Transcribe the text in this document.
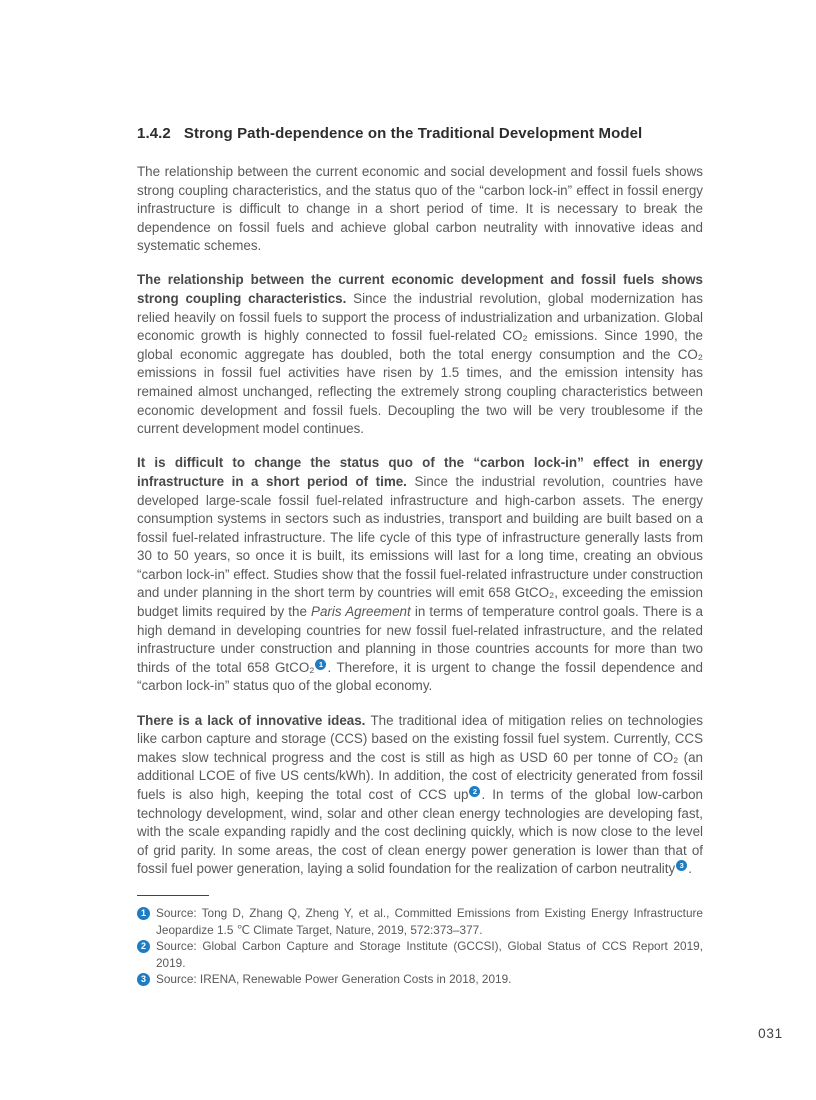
1.4.2 Strong Path-dependence on the Traditional Development Model

The relationship between the current economic and social development and fossil fuels shows strong coupling characteristics, and the status quo of the “carbon lock-in” effect in fossil energy infrastructure is difficult to change in a short period of time. It is necessary to break the dependence on fossil fuels and achieve global carbon neutrality with innovative ideas and systematic schemes.

The relationship between the current economic development and fossil fuels shows strong coupling characteristics. Since the industrial revolution, global modernization has relied heavily on fossil fuels to support the process of industrialization and urbanization. Global economic growth is highly connected to fossil fuel-related CO₂ emissions. Since 1990, the global economic aggregate has doubled, both the total energy consumption and the CO₂ emissions in fossil fuel activities have risen by 1.5 times, and the emission intensity has remained almost unchanged, reflecting the extremely strong coupling characteristics between economic development and fossil fuels. Decoupling the two will be very troublesome if the current development model continues.

It is difficult to change the status quo of the “carbon lock-in” effect in energy infrastructure in a short period of time. Since the industrial revolution, countries have developed large-scale fossil fuel-related infrastructure and high-carbon assets. The energy consumption systems in sectors such as industries, transport and building are built based on a fossil fuel-related infrastructure. The life cycle of this type of infrastructure generally lasts from 30 to 50 years, so once it is built, its emissions will last for a long time, creating an obvious “carbon lock-in” effect. Studies show that the fossil fuel-related infrastructure under construction and under planning in the short term by countries will emit 658 GtCO₂, exceeding the emission budget limits required by the Paris Agreement in terms of temperature control goals. There is a high demand in developing countries for new fossil fuel-related infrastructure, and the related infrastructure under construction and planning in those countries accounts for more than two thirds of the total 658 GtCO₂ $^1$ . Therefore, it is urgent to change the fossil dependence and “carbon lock-in” status quo of the global economy.

There is a lack of innovative ideas. The traditional idea of mitigation relies on technologies like carbon capture and storage (CCS) based on the existing fossil fuel system. Currently, CCS makes slow technical progress and the cost is still as high as USD 60 per tonne of CO₂ (an additional LCOE of five US cents/kWh). In addition, the cost of electricity generated from fossil fuels is also high, keeping the total cost of CCS up $^2$ . In terms of the global low-carbon technology development, wind, solar and other clean energy technologies are developing fast, with the scale expanding rapidly and the cost declining quickly, which is now close to the level of grid parity. In some areas, the cost of clean energy power generation is lower than that of fossil fuel power generation, laying a solid foundation for the realization of carbon neutrality $^3$ .

1 Source: Tong D, Zhang Q, Zheng Y, et al., Committed Emissions from Existing Energy Infrastructure Jeopardize 1.5 ℃ Climate Target, Nature, 2019, 572:373–377.
2 Source: Global Carbon Capture and Storage Institute (GCCSI), Global Status of CCS Report 2019, 2019.
3 Source: IRENA, Renewable Power Generation Costs in 2018, 2019.
031
